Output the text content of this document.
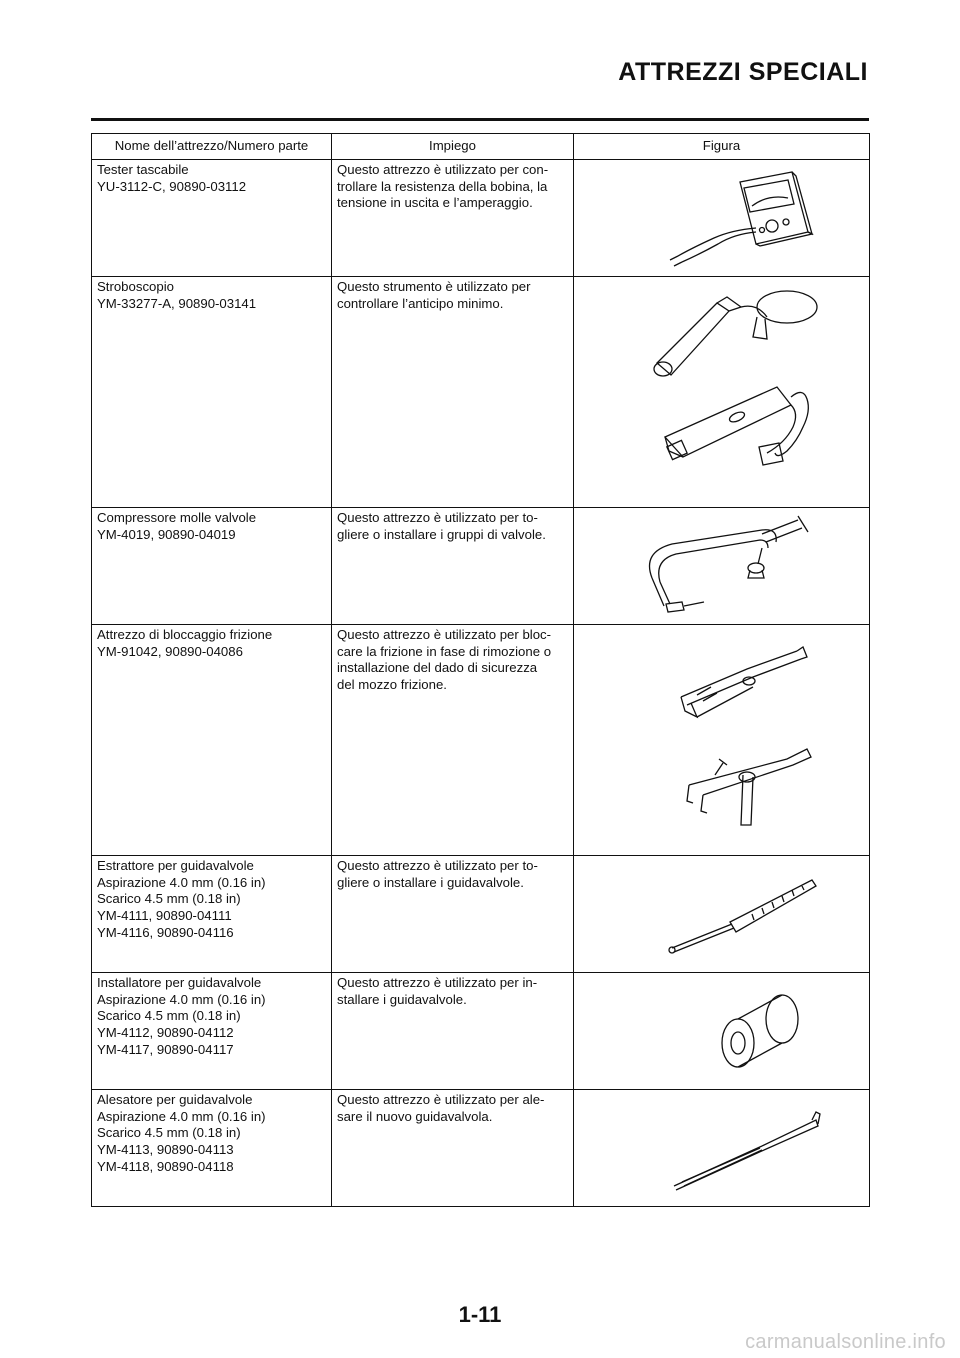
ATTREZZI SPECIALI
Nome dell’attrezzo/Numero parte	Impiego	Figura

Tester tascabile
YU-3112-C, 90890-03112	Questo attrezzo è utilizzato per con-
trollare la resistenza della bobina, la
tensione in uscita e l’amperaggio.

Stroboscopio
YM-33277-A, 90890-03141	Questo strumento è utilizzato per
controllare l’anticipo minimo.

Compressore molle valvole
YM-4019, 90890-04019	Questo attrezzo è utilizzato per to-
gliere o installare i gruppi di valvole.

Attrezzo di bloccaggio frizione
YM-91042, 90890-04086	Questo attrezzo è utilizzato per bloc-
care la frizione in fase di rimozione o
installazione del dado di sicurezza
del mozzo frizione.

Estrattore per guidavalvole
Aspirazione 4.0 mm (0.16 in)
Scarico 4.5 mm (0.18 in)
YM-4111, 90890-04111
YM-4116, 90890-04116	Questo attrezzo è utilizzato per to-
gliere o installare i guidavalvole.

Installatore per guidavalvole
Aspirazione 4.0 mm (0.16 in)
Scarico 4.5 mm (0.18 in)
YM-4112, 90890-04112
YM-4117, 90890-04117	Questo attrezzo è utilizzato per in-
stallare i guidavalvole.

Alesatore per guidavalvole
Aspirazione 4.0 mm (0.16 in)
Scarico 4.5 mm (0.18 in)
YM-4113, 90890-04113
YM-4118, 90890-04118	Questo attrezzo è utilizzato per ale-
sare il nuovo guidavalvola.

1-11
carmanualsonline.info
